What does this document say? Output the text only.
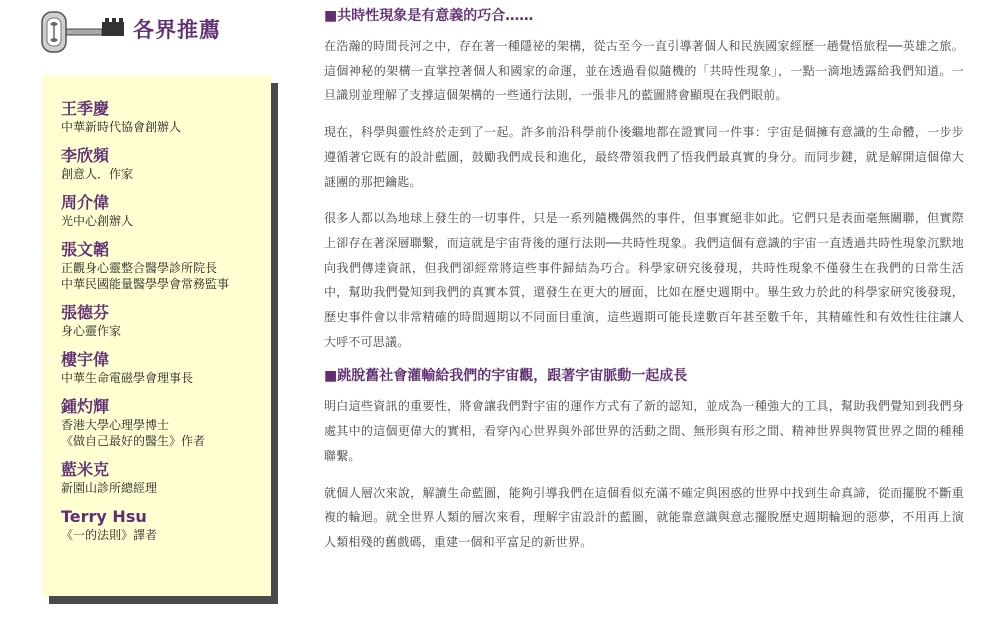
各界推薦
王季慶
中華新時代協會創辦人
李欣頻
創意人．作家
周介偉
光中心創辦人
張文韜
正觀身心靈整合醫學診所院長
中華民國能量醫學學會常務監事
張德芬
身心靈作家
樓宇偉
中華生命電磁學會理事長
鍾灼輝
香港大學心理學博士
《做自己最好的醫生》作者
藍米克
新園山診所總經理
Terry Hsu
《一的法則》譯者
■共時性現象是有意義的巧合……

在浩瀚的時間長河之中，存在著一種隱祕的架構，從古至今一直引導著個人和民族國家經歷一趟覺悟旅程──英雄之旅。這個神秘的架構一直掌控著個人和國家的命運，並在透過看似隨機的「共時性現象」，一點一滴地透露給我們知道。一旦識別並理解了支撐這個架構的一些通行法則，一張非凡的藍圖將會顯現在我們眼前。

現在，科學與靈性終於走到了一起。許多前沿科學前仆後繼地都在證實同一件事：宇宙是個擁有意識的生命體，一步步遵循著它既有的設計藍圖，鼓勵我們成長和進化，最終帶領我們了悟我們最真實的身分。而同步鍵，就是解開這個偉大謎團的那把鑰匙。

很多人都以為地球上發生的一切事件，只是一系列隨機偶然的事件，但事實絕非如此。它們只是表面毫無關聯，但實際上卻存在著深層聯繫，而這就是宇宙背後的運行法則──共時性現象。我們這個有意識的宇宙一直透過共時性現象沉默地向我們傳達資訊，但我們卻經常將這些事件歸結為巧合。科學家研究後發現，共時性現象不僅發生在我們的日常生活中，幫助我們覺知到我們的真實本質，還發生在更大的層面，比如在歷史週期中。畢生致力於此的科學家研究後發現，歷史事件會以非常精確的時間週期以不同面目重演，這些週期可能長達數百年甚至數千年，其精確性和有效性往往讓人大呼不可思議。

■跳脫舊社會灌輸給我們的宇宙觀，跟著宇宙脈動一起成長

明白這些資訊的重要性，將會讓我們對宇宙的運作方式有了新的認知，並成為一種強大的工具，幫助我們覺知到我們身處其中的這個更偉大的實相，看穿內心世界與外部世界的活動之間、無形與有形之間、精神世界與物質世界之間的種種聯繫。

就個人層次來說，解讀生命藍圖，能夠引導我們在這個看似充滿不確定與困惑的世界中找到生命真諦，從而擺脫不斷重複的輪迴。就全世界人類的層次來看，理解宇宙設計的藍圖，就能靠意識與意志擺脫歷史週期輪迴的惡夢，不用再上演人類相殘的舊戲碼，重建一個和平富足的新世界。
